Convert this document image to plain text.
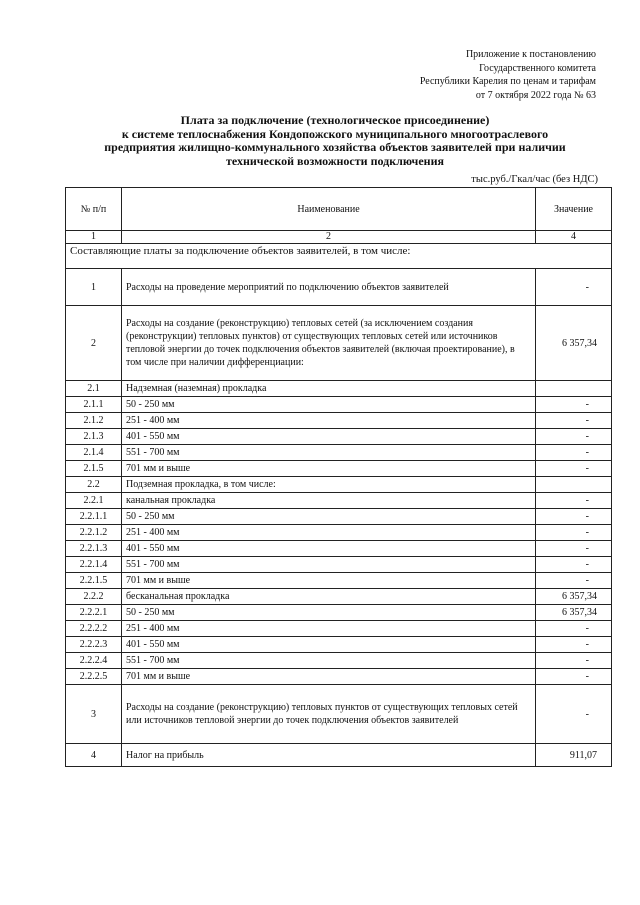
Приложение к постановлению
Государственного комитета
Республики Карелия по ценам и тарифам
от 7 октября 2022 года № 63
Плата за подключение (технологическое присоединение)
к системе теплоснабжения Кондопожского муниципального многоотраслевого
предприятия жилищно-коммунального хозяйства объектов заявителей при наличии
технической возможности подключения
тыс.руб./Гкал/час (без НДС)
№ п/п	Наименование	Значение
1	2	4
Составляющие платы за подключение объектов заявителей, в том числе:		
1	Расходы на проведение мероприятий по подключению объектов заявителей	-
2	Расходы на создание (реконструкцию) тепловых сетей (за исключением создания (реконструкции) тепловых пунктов) от существующих тепловых сетей или источников тепловой энергии до точек подключения объектов заявителей (включая проектирование), в том числе при наличии дифференциации:	6 357,34
2.1	Надземная (наземная) прокладка	
2.1.1	50 - 250 мм	-
2.1.2	251 - 400 мм	-
2.1.3	401 - 550 мм	-
2.1.4	551 - 700 мм	-
2.1.5	701 мм и выше	-
2.2	Подземная прокладка, в том числе:	
2.2.1	канальная прокладка	-
2.2.1.1	50 - 250 мм	-
2.2.1.2	251 - 400 мм	-
2.2.1.3	401 - 550 мм	-
2.2.1.4	551 - 700 мм	-
2.2.1.5	701 мм и выше	-
2.2.2	бесканальная прокладка	6 357,34
2.2.2.1	50 - 250 мм	6 357,34
2.2.2.2	251 - 400 мм	-
2.2.2.3	401 - 550 мм	-
2.2.2.4	551 - 700 мм	-
2.2.2.5	701 мм и выше	-
3	Расходы на создание (реконструкцию) тепловых пунктов от существующих тепловых сетей или источников тепловой энергии до точек подключения объектов заявителей	-
4	Налог на прибыль	911,07
